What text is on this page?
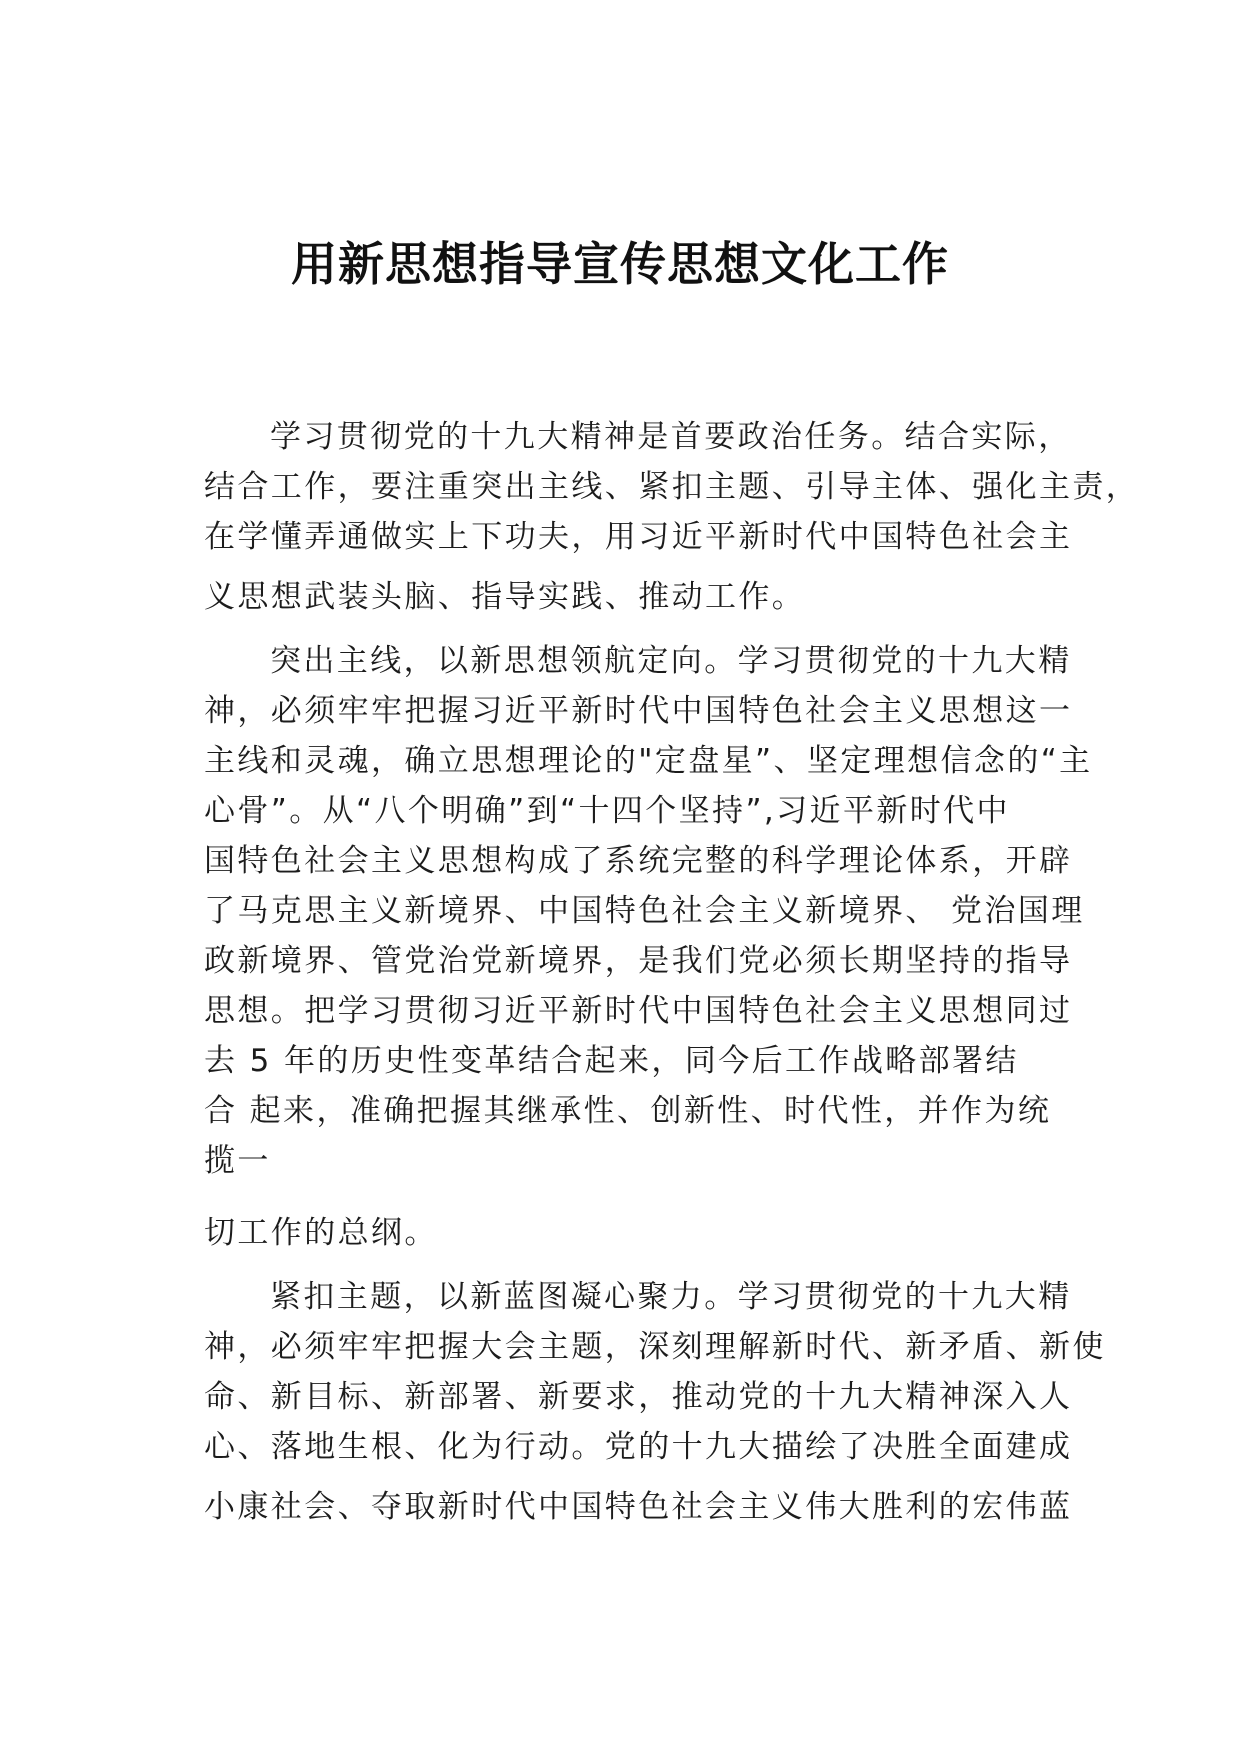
用新思想指导宣传思想文化工作
学习贯彻党的十九大精神是首要政治任务。结合实际，
结合工作，要注重突出主线、紧扣主题、引导主体、强化主责，
在学懂弄通做实上下功夫，用习近平新时代中国特色社会主
义思想武装头脑、指导实践、推动工作。
突出主线，以新思想领航定向。学习贯彻党的十九大精
神，必须牢牢把握习近平新时代中国特色社会主义思想这一
主线和灵魂，确立思想理论的"定盘星”、坚定理想信念的“主
心骨”。从“八个明确”到“十四个坚持”,习近平新时代中
国特色社会主义思想构成了系统完整的科学理论体系，开辟
了马克思主义新境界、中国特色社会主义新境界、 党治国理
政新境界、管党治党新境界，是我们党必须长期坚持的指导
思想。把学习贯彻习近平新时代中国特色社会主义思想同过
去 5 年的历史性变革结合起来，同今后工作战略部署结
合 起来，准确把握其继承性、创新性、时代性，并作为统
揽一
切工作的总纲。
紧扣主题，以新蓝图凝心聚力。学习贯彻党的十九大精
神，必须牢牢把握大会主题，深刻理解新时代、新矛盾、新使
命、新目标、新部署、新要求，推动党的十九大精神深入人
心、落地生根、化为行动。党的十九大描绘了决胜全面建成
小康社会、夺取新时代中国特色社会主义伟大胜利的宏伟蓝
